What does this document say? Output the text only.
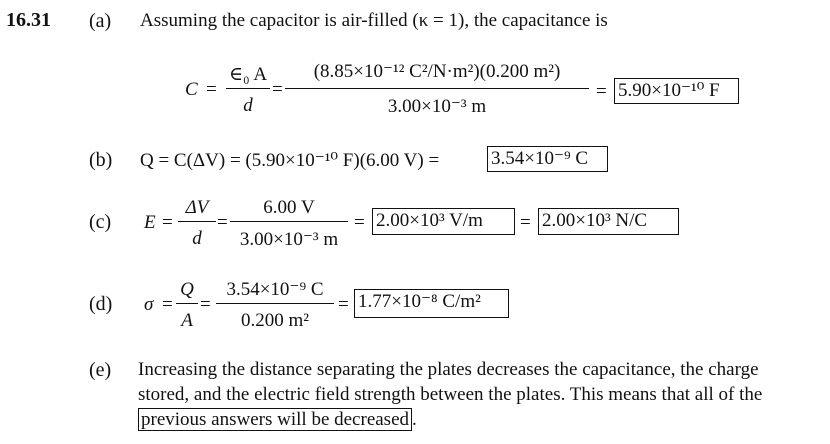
16.31 (a) Assuming the capacitor is air-filled (κ = 1), the capacitance is
C =
∈₀ A
d
=
(8.85×10⁻¹² C²/N·m²)(0.200 m²)
3.00×10⁻³ m
= 5.90×10⁻¹⁰ F
(b) Q = C(ΔV) = (5.90×10⁻¹⁰ F)(6.00 V) =	3.54×10⁻⁹ C
(c) E =
ΔV
d
=
6.00 V
3.00×10⁻³ m
= 2.00×10³ V/m	= 2.00×10³ N/C
(d) σ =
Q
A
=
3.54×10⁻⁹ C
0.200 m²
= 1.77×10⁻⁸ C/m²
(e) Increasing the distance separating the plates decreases the capacitance, the charge stored, and the electric field strength between the plates. This means that all of the previous answers will be decreased .
